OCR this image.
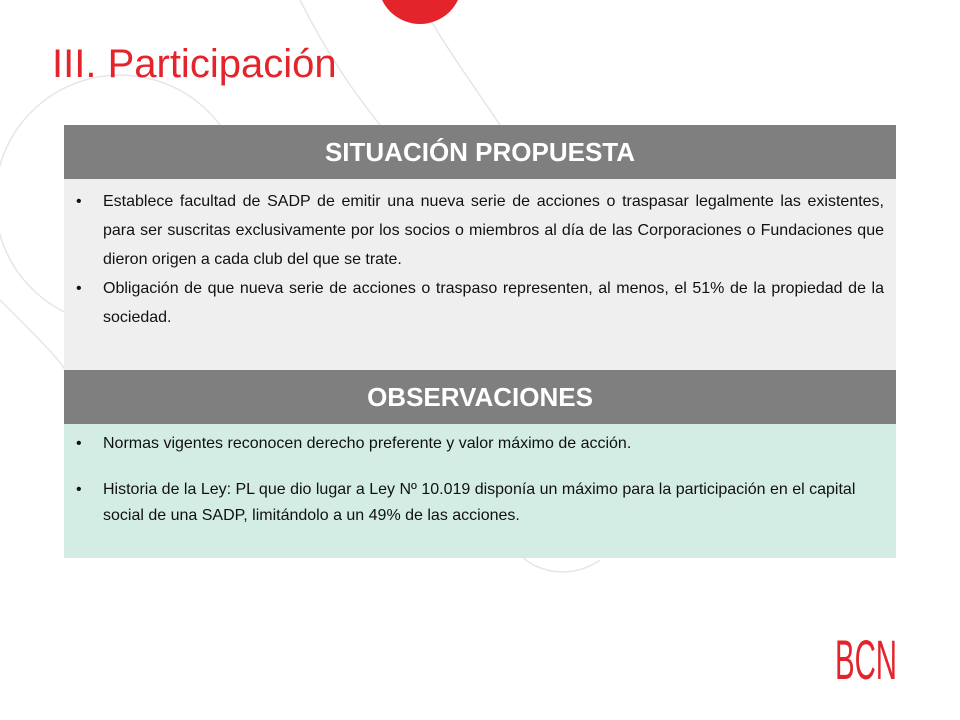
III. Participación
SITUACIÓN PROPUESTA
• Establece facultad de SADP de emitir una nueva serie de acciones o traspasar legalmente las existentes, para ser suscritas exclusivamente por los socios o miembros al día de las Corporaciones o Fundaciones que dieron origen a cada club del que se trate.
• Obligación de que nueva serie de acciones o traspaso representen, al menos, el 51% de la propiedad de la sociedad.
OBSERVACIONES
• Normas vigentes reconocen derecho preferente y valor máximo de acción.
• Historia de la Ley: PL que dio lugar a Ley Nº 10.019 disponía un máximo para la participación en el capital social de una SADP, limitándolo a un 49% de las acciones.
BCN
